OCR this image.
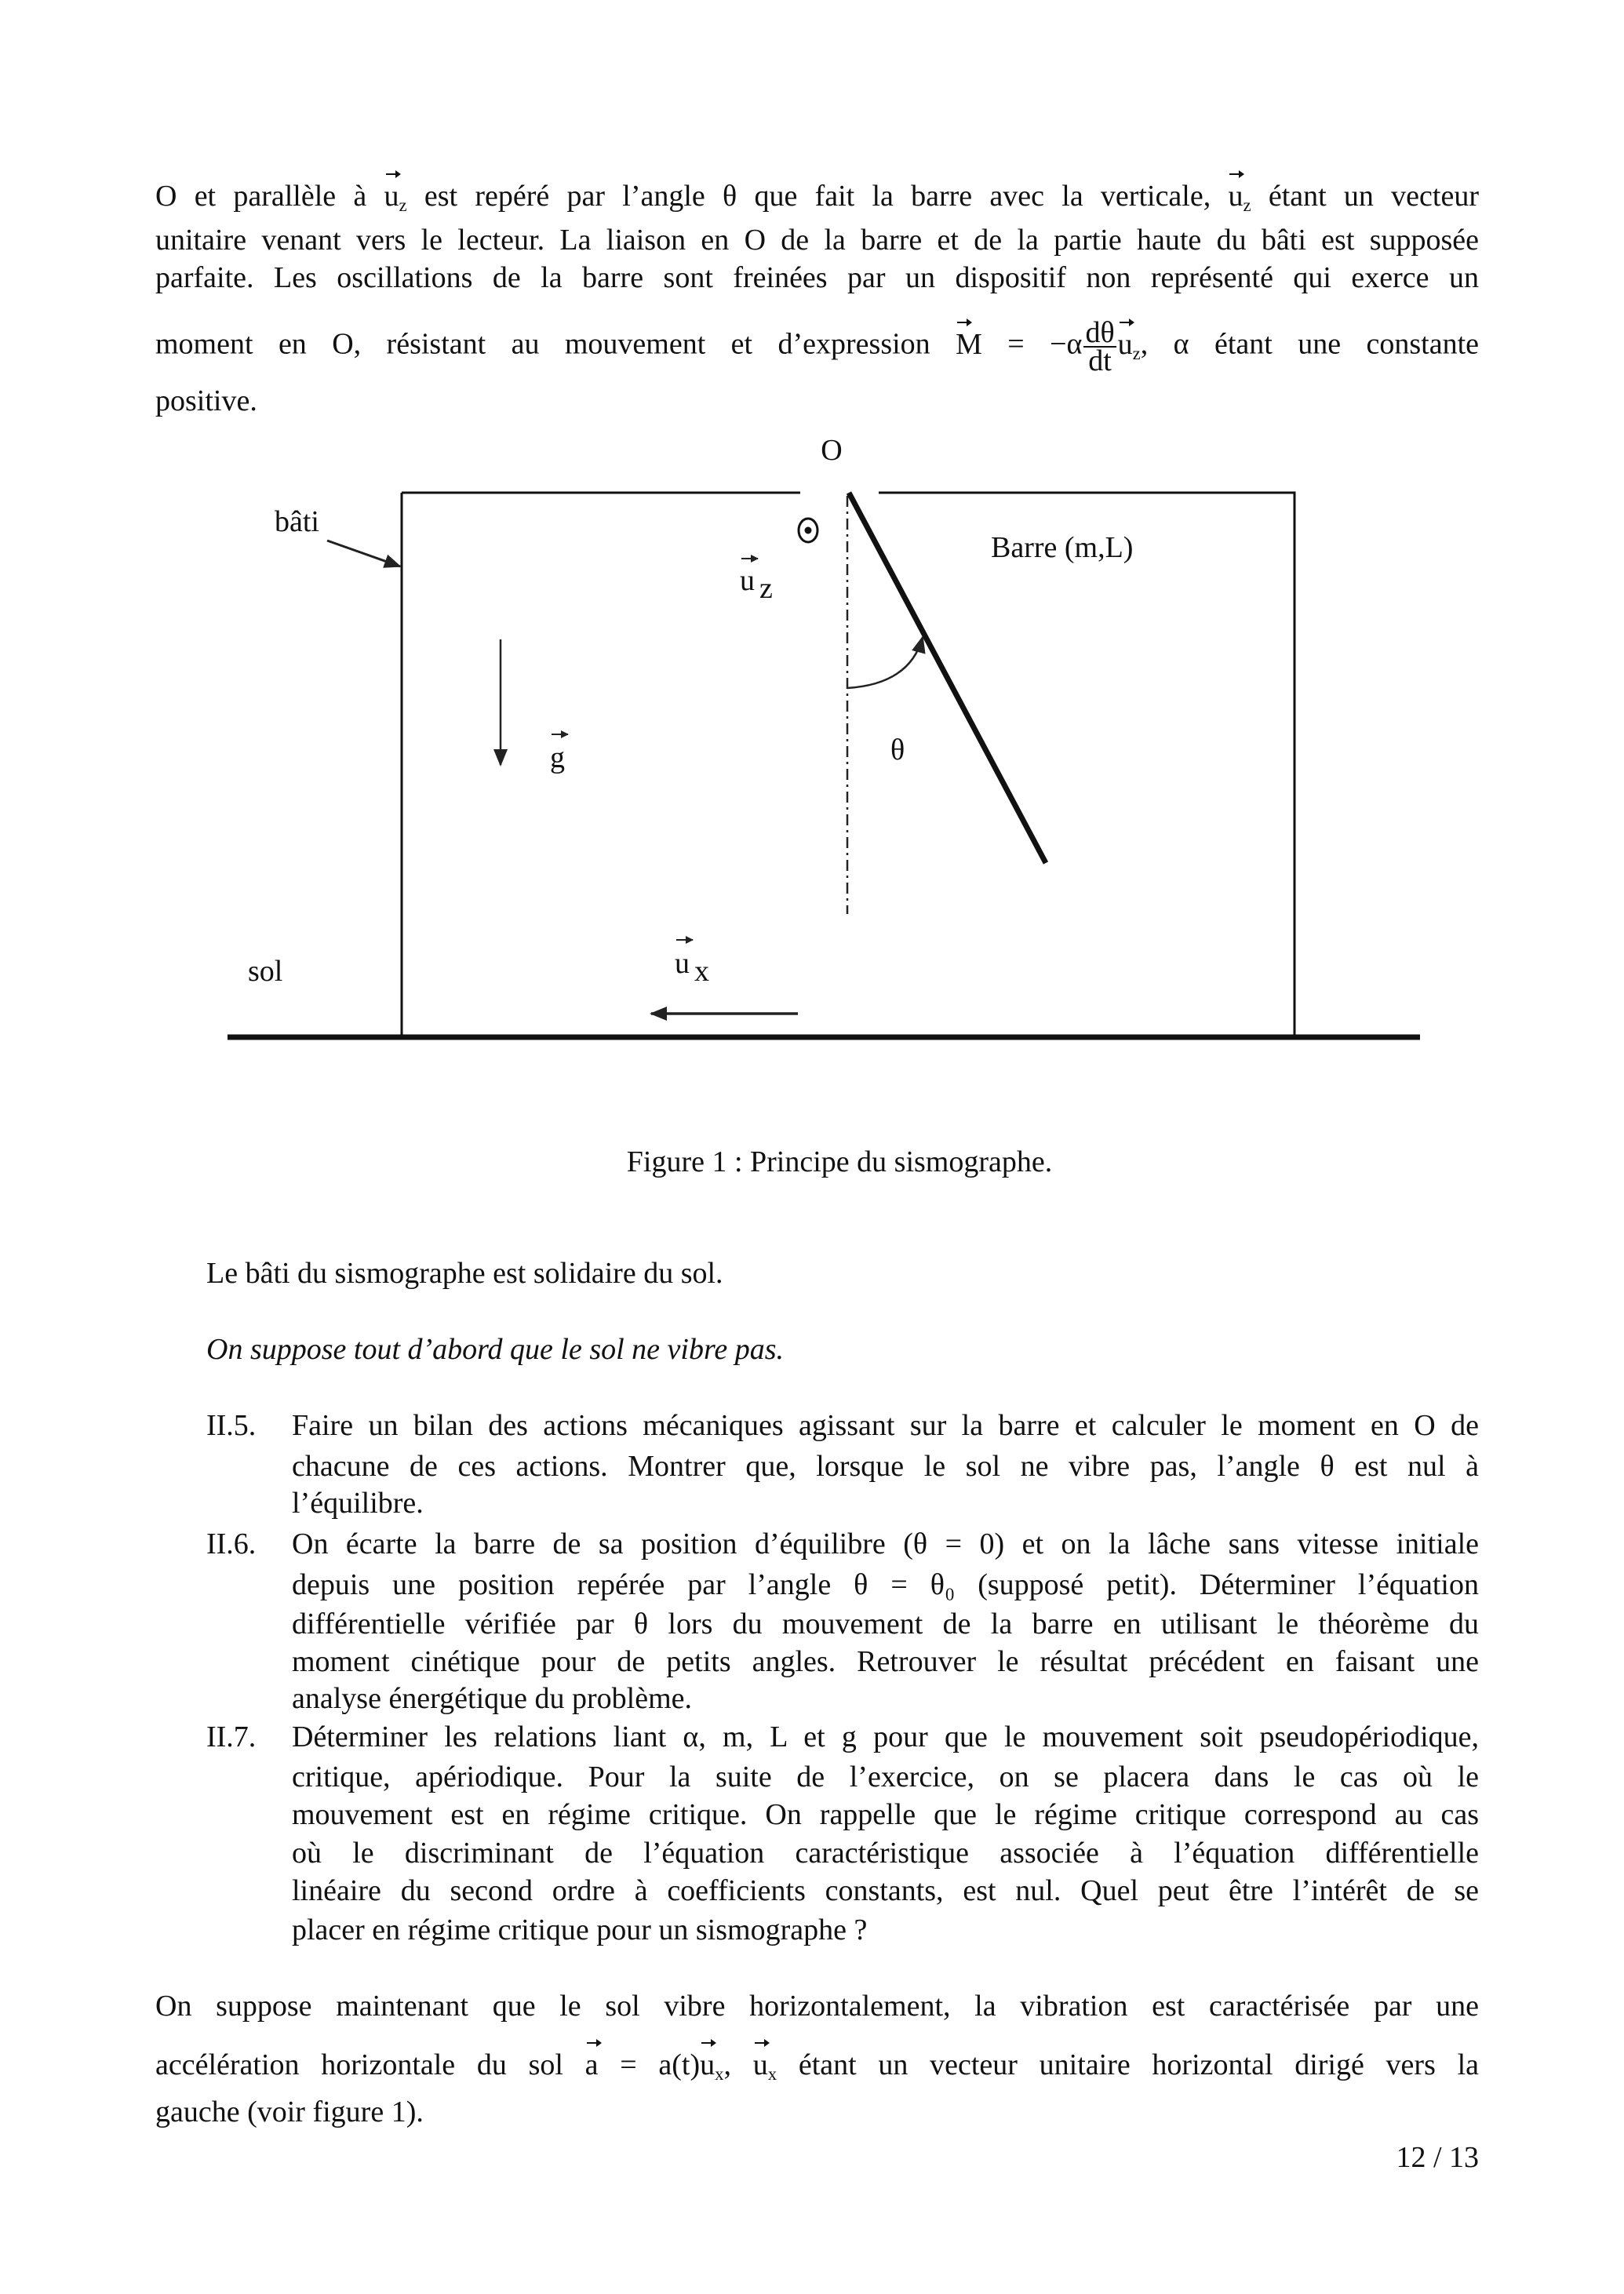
O et parallèle à $u_z$ est repéré par l’angle θ que fait la barre avec la verticale, $u_z$ étant un vecteur
unitaire venant vers le lecteur. La liaison en O de la barre et de la partie haute du bâti est supposée
parfaite. Les oscillations de la barre sont freinées par un dispositif non représenté qui exerce un
moment en O, résistant au mouvement et d’expression $M = -\alpha \frac{d\theta}{dt} u_z$, α étant une constante
positive.
O
bâti
Barre (m,L)
u z
θ
g
sol	u x
Figure 1 : Principe du sismographe.
Le bâti du sismographe est solidaire du sol.
On suppose tout d’abord que le sol ne vibre pas.
II.5. Faire un bilan des actions mécaniques agissant sur la barre et calculer le moment en O de
chacune de ces actions. Montrer que, lorsque le sol ne vibre pas, l’angle θ est nul à
l’équilibre.
II.6. On écarte la barre de sa position d’équilibre (θ = 0) et on la lâche sans vitesse initiale
depuis une position repérée par l’angle θ = θ₀ (supposé petit). Déterminer l’équation
différentielle vérifiée par θ lors du mouvement de la barre en utilisant le théorème du
moment cinétique pour de petits angles. Retrouver le résultat précédent en faisant une
analyse énergétique du problème.
II.7. Déterminer les relations liant α, m, L et g pour que le mouvement soit pseudopériodique,
critique, apériodique. Pour la suite de l’exercice, on se placera dans le cas où le
mouvement est en régime critique. On rappelle que le régime critique correspond au cas
où le discriminant de l’équation caractéristique associée à l’équation différentielle
linéaire du second ordre à coefficients constants, est nul. Quel peut être l’intérêt de se
placer en régime critique pour un sismographe ?
On suppose maintenant que le sol vibre horizontalement, la vibration est caractérisée par une
accélération horizontale du sol $a = a(t)u_x$, $u_x$ étant un vecteur unitaire horizontal dirigé vers la
gauche (voir figure 1).
12 / 13
